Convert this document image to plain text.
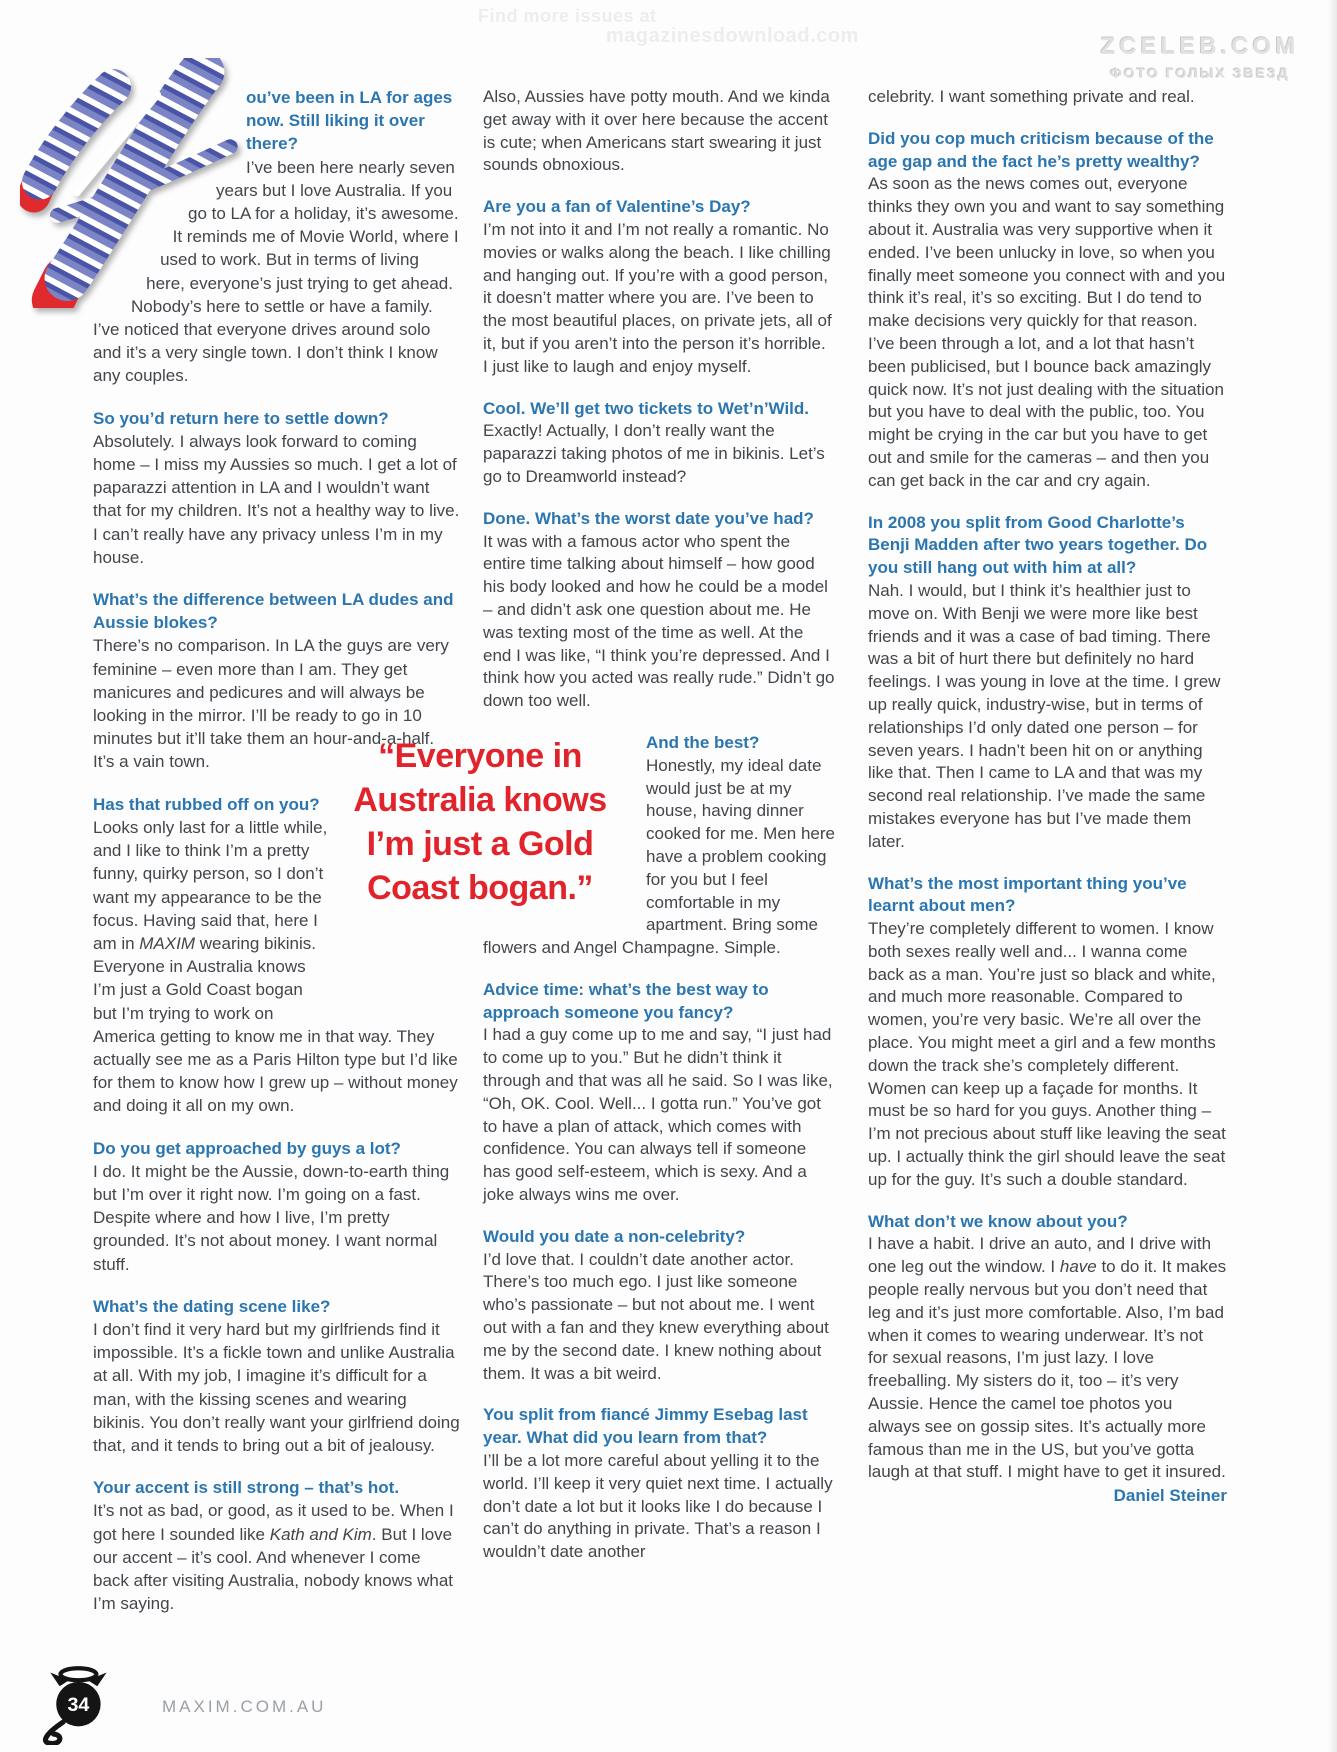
Find more issues at
magazinesdownload.com	ZCELEB.COM
ФОТО ГОЛЫХ ЗВЕЗД

ou’ve been in LA for ages now. Still liking it over there?

I’ve been here nearly seven years but I love Australia. If you go to LA for a holiday, it’s awesome. It reminds me of Movie World, where I used to work. But in terms of living here, everyone’s just trying to get ahead. Nobody’s here to settle or have a family. I’ve noticed that everyone drives around solo and it’s a very single town. I don’t think I know any couples.

So you’d return here to settle down?

Absolutely. I always look forward to coming home – I miss my Aussies so much. I get a lot of paparazzi attention in LA and I wouldn’t want that for my children. It’s not a healthy way to live. I can’t really have any privacy unless I’m in my house.

What’s the difference between LA dudes and Aussie blokes?

There’s no comparison. In LA the guys are very feminine – even more than I am. They get manicures and pedicures and will always be looking in the mirror. I’ll be ready to go in 10 minutes but it’ll take them an hour-and-a-half. It’s a vain town.

Has that rubbed off on you?

Looks only last for a little while, and I like to think I’m a pretty funny, quirky person, so I don’t want my appearance to be the focus. Having said that, here I am in MAXIM wearing bikinis. Everyone in Australia knows I’m just a Gold Coast bogan but I’m trying to work on America getting to know me in that way. They actually see me as a Paris Hilton type but I’d like for them to know how I grew up – without money and doing it all on my own.

Do you get approached by guys a lot?

I do. It might be the Aussie, down-to-earth thing but I’m over it right now. I’m going on a fast. Despite where and how I live, I’m pretty grounded. It’s not about money. I want normal stuff.

What’s the dating scene like?

I don’t find it very hard but my girlfriends find it impossible. It’s a fickle town and unlike Australia at all. With my job, I imagine it’s difficult for a man, with the kissing scenes and wearing bikinis. You don’t really want your girlfriend doing that, and it tends to bring out a bit of jealousy.

Your accent is still strong – that’s hot.

It’s not as bad, or good, as it used to be. When I got here I sounded like Kath and Kim. But I love our accent – it’s cool. And whenever I come back after visiting Australia, nobody knows what I’m saying.

Also, Aussies have potty mouth. And we kinda get away with it over here because the accent is cute; when Americans start swearing it just sounds obnoxious.

Are you a fan of Valentine’s Day?

I’m not into it and I’m not really a romantic. No movies or walks along the beach. I like chilling and hanging out. If you’re with a good person, it doesn’t matter where you are. I’ve been to the most beautiful places, on private jets, all of it, but if you aren’t into the person it’s horrible. I just like to laugh and enjoy myself.

Cool. We’ll get two tickets to Wet’n’Wild.

Exactly! Actually, I don’t really want the paparazzi taking photos of me in bikinis. Let’s go to Dreamworld instead?

Done. What’s the worst date you’ve had?

It was with a famous actor who spent the entire time talking about himself – how good his body looked and how he could be a model – and didn’t ask one question about me. He was texting most of the time as well. At the end I was like, “I think you’re depressed. And I think how you acted was really rude.” Didn’t go down too well.

“Everyone in
Australia knows
I’m just a Gold
Coast bogan.”

And the best?

Honestly, my ideal date would just be at my house, having dinner cooked for me. Men here have a problem cooking for you but I feel comfortable in my apartment. Bring some flowers and Angel Champagne. Simple.

Advice time: what’s the best way to approach someone you fancy?

I had a guy come up to me and say, “I just had to come up to you.” But he didn’t think it through and that was all he said. So I was like, “Oh, OK. Cool. Well... I gotta run.” You’ve got to have a plan of attack, which comes with confidence. You can always tell if someone has good self-esteem, which is sexy. And a joke always wins me over.

Would you date a non-celebrity?

I’d love that. I couldn’t date another actor. There’s too much ego. I just like someone who’s passionate – but not about me. I went out with a fan and they knew everything about me by the second date. I knew nothing about them. It was a bit weird.

You split from fiancé Jimmy Esebag last year. What did you learn from that?

I’ll be a lot more careful about yelling it to the world. I’ll keep it very quiet next time. I actually don’t date a lot but it looks like I do because I can’t do anything in private. That’s a reason I wouldn’t date another

celebrity. I want something private and real.

Did you cop much criticism because of the age gap and the fact he’s pretty wealthy?

As soon as the news comes out, everyone thinks they own you and want to say something about it. Australia was very supportive when it ended. I’ve been unlucky in love, so when you finally meet someone you connect with and you think it’s real, it’s so exciting. But I do tend to make decisions very quickly for that reason. I’ve been through a lot, and a lot that hasn’t been publicised, but I bounce back amazingly quick now. It’s not just dealing with the situation but you have to deal with the public, too. You might be crying in the car but you have to get out and smile for the cameras – and then you can get back in the car and cry again.

In 2008 you split from Good Charlotte’s Benji Madden after two years together. Do you still hang out with him at all?

Nah. I would, but I think it’s healthier just to move on. With Benji we were more like best friends and it was a case of bad timing. There was a bit of hurt there but definitely no hard feelings. I was young in love at the time. I grew up really quick, industry-wise, but in terms of relationships I’d only dated one person – for seven years. I hadn’t been hit on or anything like that. Then I came to LA and that was my second real relationship. I’ve made the same mistakes everyone has but I’ve made them later.

What’s the most important thing you’ve learnt about men?

They’re completely different to women. I know both sexes really well and... I wanna come back as a man. You’re just so black and white, and much more reasonable. Compared to women, you’re very basic. We’re all over the place. You might meet a girl and a few months down the track she’s completely different. Women can keep up a façade for months. It must be so hard for you guys. Another thing – I’m not precious about stuff like leaving the seat up. I actually think the girl should leave the seat up for the guy. It’s such a double standard.

What don’t we know about you?

I have a habit. I drive an auto, and I drive with one leg out the window. I have to do it. It makes people really nervous but you don’t need that leg and it’s just more comfortable. Also, I’m bad when it comes to wearing underwear. It’s not for sexual reasons, I’m just lazy. I love freeballing. My sisters do it, too – it’s very Aussie. Hence the camel toe photos you always see on gossip sites. It’s actually more famous than me in the US, but you’ve gotta laugh at that stuff. I might have to get it insured.

Daniel Steiner

34	MAXIM.COM.AU
